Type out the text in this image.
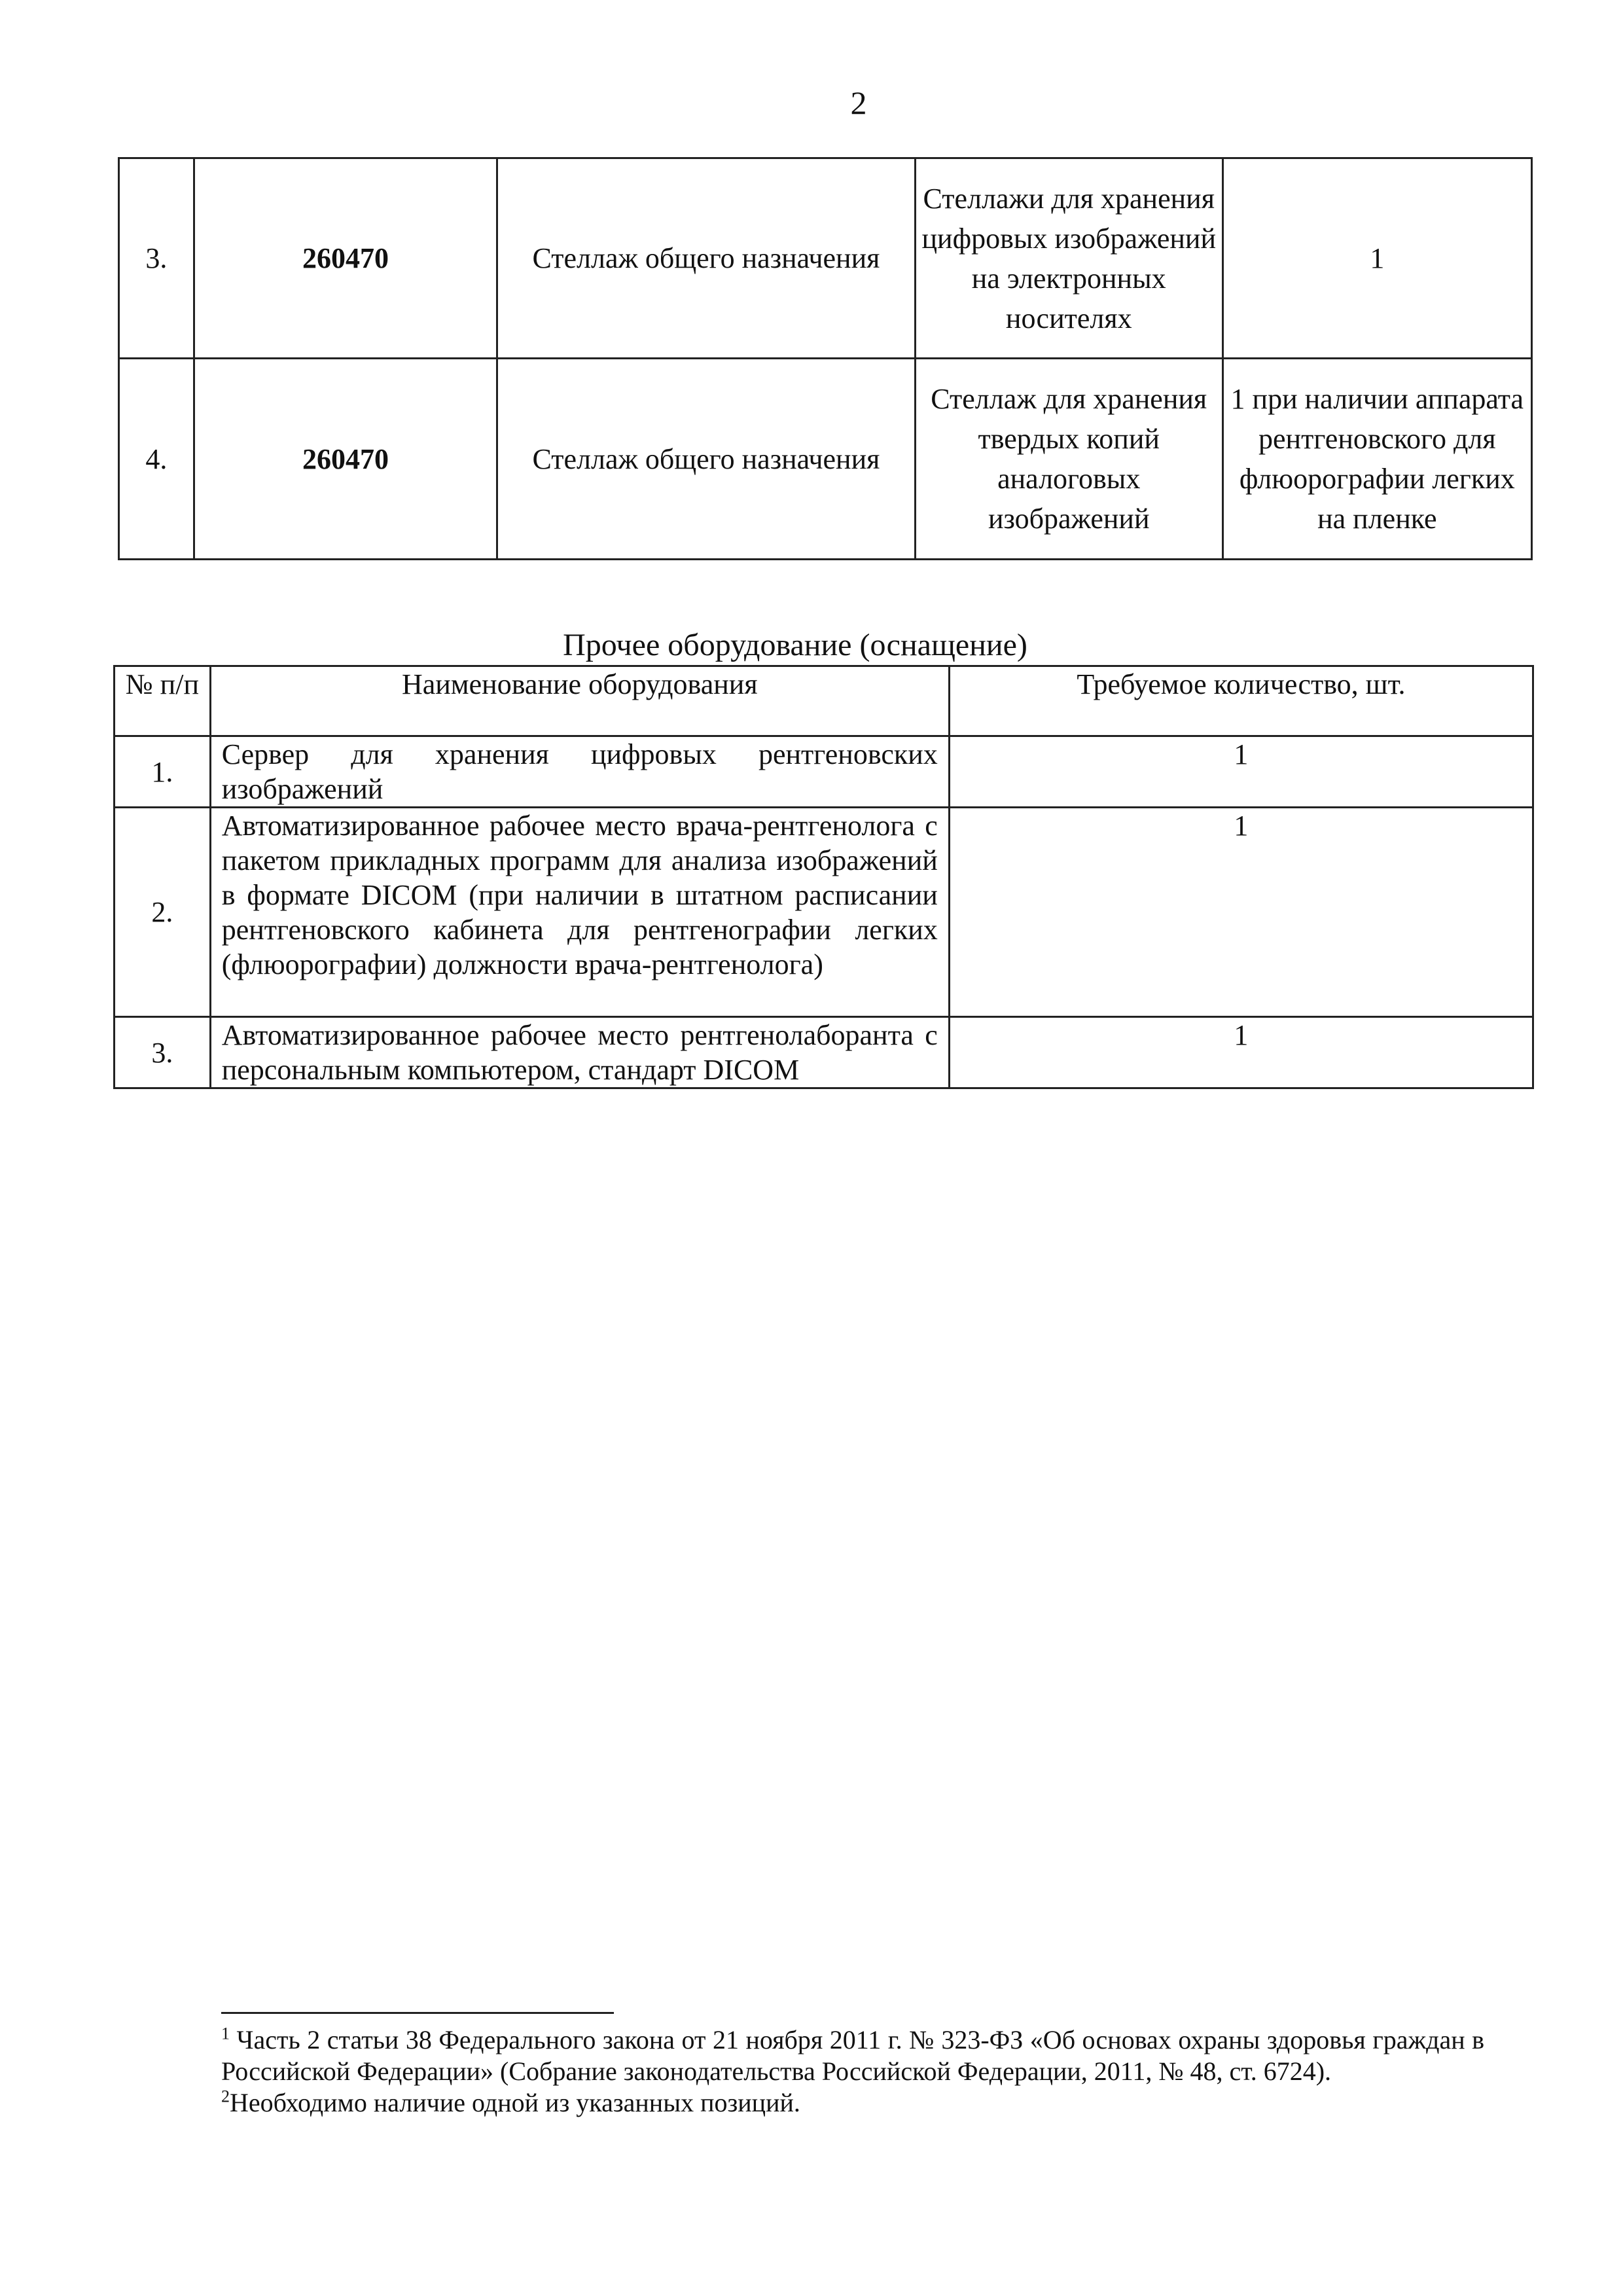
2
3.	260470	Стеллаж общего назначения	Стеллажи для хранения цифровых изображений на электронных носителях	1
4.	260470	Стеллаж общего назначения	Стеллаж для хранения твердых копий аналоговых изображений	1 при наличии аппарата рентгеновского для флюорографии легких на пленке
Прочее оборудование (оснащение)
№ п/п	Наименование оборудования	Требуемое количество, шт.
1.	Сервер для хранения цифровых рентгеновских изображений	1
2.	Автоматизированное рабочее место врача-рентгенолога с пакетом прикладных программ для анализа изображений в формате DICOM (при наличии в штатном расписании рентгеновского кабинета для рентгенографии легких (флюорографии) должности врача-рентгенолога)	1
3.	Автоматизированное рабочее место рентгенолаборанта с персональным компьютером, стандарт DICOM	1

$^1$ Часть 2 статьи 38 Федерального закона от 21 ноября 2011 г. № 323-ФЗ «Об основах охраны здоровья граждан в Российской Федерации» (Собрание законодательства Российской Федерации, 2011, № 48, ст. 6724).

$^2$Необходимо наличие одной из указанных позиций.
